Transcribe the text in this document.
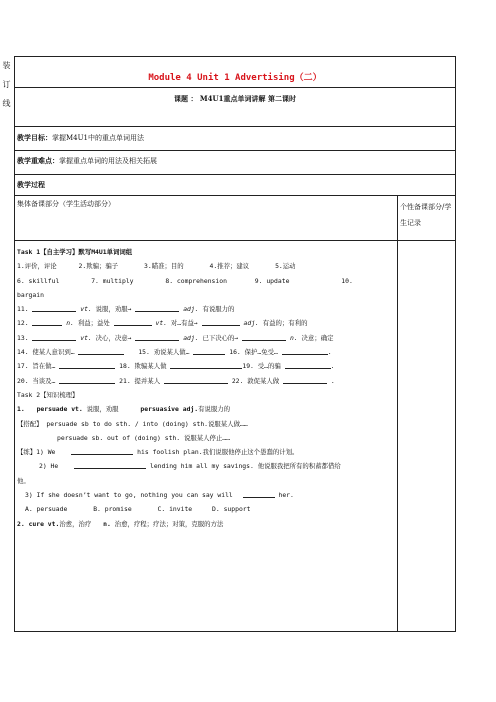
装
订
线
Module 4 Unit 1 Advertising（二）
课题 ： M4U1重点单词讲解 第二课时
教学目标：掌握M4U1中的重点单词用法
教学重难点：掌握重点单词的用法及相关拓展
教学过程
集体备课部分（学生活动部分）	个性备课部分/学生记录
Task 1【自主学习】默写M4U1单词词组
1.评价，评论	2.欺骗；骗子	3.瞄准；目的	4.推荐；建议	5.运动
6. skillful	7. multiply	8. comprehension	9. update	10.
bargain
11.	vt. 说服，劝服→	adj. 有说服力的
12.	n. 利益；益处	vt. 对…有益→	adj. 有益的；有利的
13.	vt. 决心，决意→	adj. 已下决心的→	n. 决意；确定
14. 使某人意识到…	15. 劝说某人做…	16. 保护…免受…	.
17. 旨在做…	18. 欺骗某人做	19. 受…的骗	.
20. 当谈及…	21. 提并某人	22. 敦促某人做	.
Task 2【知识梳理】
1. persuade vt. 说服，劝服	persuasive adj.有说服力的
【搭配】 persuade sb to do sth. / into (doing) sth.说服某人做……
persuade sb. out of (doing) sth. 说服某人停止……
【练】1) We	his foolish plan.我们说服他停止这个愚蠢的计划。
2) He	lending him all my savings. 他说服我把所有的积蓄都借给
他。
3) If she doesn’t want to go, nothing you can say will	her.
A. persuade	B. promise	C. invite	D. support
2. cure vt.治愈，治疗 n. 治愈，疗程；疗法；对策，克服的方法
